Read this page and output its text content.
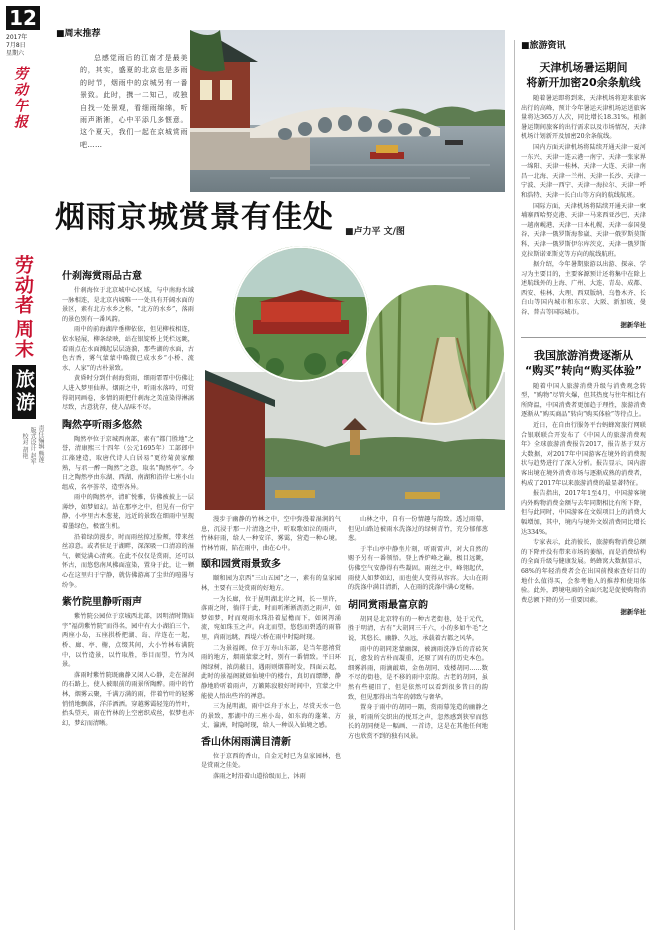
12
2017年
7月8日
星期六
劳动午报
劳动者
周末
旅游
责任编辑 熊莲
版式设计 赵军
校对 胡艳
■周末推荐
总感觉雨后的江南才是最美的，其实，盛夏的北京也是多雨的时节，烟雨中的京城另有一番景致。此时，携一二知己，或独自找一处景观，看细雨绵绵，听雨声淅淅，心中平添几多惬意。这个夏天，我们一起在京城赏雨吧……
烟雨京城赏景有佳处 ■卢力平 文/图
什刹海赏雨品古意

什刹海位于北京城中心区域，与中南海水域一脉相连，是北京内城唯一一处具有开阔水面的景区，素有北方水乡之称，“北方的水乡”，落雨的景色别有一番风韵。

雨中的前海湖岸垂柳依依，但见柳枝相连，依水轻展，柳条绿映，站在银锭桥上凭栏远眺，看雨点在水面溅起层层涟漪，那些湖的水面，古色古香，雾气蒙蒙中略微已成水乡“小桥、流水、人家”的古朴景致。

黄昏时分到什刹海赏雨，细雨霏霏中仿佛让人进入梦里仙界。烟雨之中，听雨水落吟，可赏得胡同画卷，多情的雨把什刹海之美渲染得淋漓尽致，古意犹存，使人品味不尽。

陶然亭听雨多悠然

陶然亭位于京城西南部，素有“都门胜地”之誉，清康熙三十四年（公元1695年）工部郎中江藻建造，取唐代诗人白居易“更待菊黄家酿熟，与君一醉一陶然”之意，取名“陶然亭”。今日之陶然亭由东湖、西湖、南湖和沿岸七座小山组成，名亭荟萃，造型各异。

雨中的陶然亭，清旷悦雅，仿佛被披上一层薄纱，如梦如幻。站在那亭之中，但见有一份宁静，小亭里古木葱茏，远近的景致在细雨中呈现着墨绿色，极富生机。

沿着绿荫漫步，时而雨丝掠过脸颊，带来丝丝凉意。或者驻足于湖畔，深深吸一口清凉的湿气，顿觉满心清爽。在此不仅仅是赏雨，还可以怀古，而悠悠南风拂面渲染，置身于此，让一颗心在这里归于宁静，就仿佛游离了尘世的喧嚣与纷争。

紫竹院里静听雨声

紫竹院公园位于京城西北部，因明清时期庙宇“福荫紫竹院”而得名，园中有大小湖泊三个，两座小岛，五座拱桥把湖、岛、岸连在一起，桥、廊、亭、榭，点缀其间，大小竹林布满院中，以竹造景，以竹取胜，举目而望，竹为风景。

落雨时紫竹院既幽静又闲人心静，走在湿润的石路上，使人被眼前的雨景所陶醉。雨中的竹林，烟雾云聚，千满万满的雨，伴着竹叶的轻雾悄悄地飘落，洋洋洒洒。穿越雾霭轻笼的竹叶，抬头望天，雨在竹林的上空密织成丝，似梦也亦幻，梦幻而清晰。

漫步于幽静的竹林之中，空中弥漫着湿润的气息，沉浸于那一片清逸之中，听取歌如泣的雨声，竹林轩雨，给人一种安详、雾霭，营造一种心境。竹林竹雨，陷在雨中，曲在心中。

颐和园赏雨景致多

颐和园为京西“三山五园”之一，素有的皇家园林，主要有三处赏雨的好地方。

一为长廊，位于昆明湖北岸之间，长一里许，落雨之时，徜徉于此，时而听淅淅沥沥之雨声，如梦如梦，时而观雨水珠沿着屋檐而下，如闲泻涌流，宛如珠玉之声。向北而望，悠悠而碧透的雨幕里，尚雨远眺，西堤六桥在雨中时隐时现。

二为景福阁，位于万寿山东部，是当年慈禧赏雨的地方，烟雨蒙蒙之时，别有一番情致。平日环阁绿树，浓荫蔽日，遇雨则烟幕时发，四面云起，此时的景福阁就如仙境中的楼台，真切而缥缈，静静地聆听着雨声，万籁陈寂般好时间中，宜蒙之中能使人悟出些许的禅意。

三为昆明湖，雨中泛舟于水上，尽赏天水一色的景致，那湖中的三座小岛，如东海的蓬莱、方丈、瀛洲，时隐时现，给人一种误入仙境之感。

香山休闲雨满目清新

位于京西的香山，自金元时已为皇家园林，也是赏雨之佳处。

落雨之时沿着山道拾级而上，沐雨

山林之中，自有一份情趣与韵致。透过雨幕，但见山路边被雨水洗涤过的绿树青竹，充分郁郁葱葱。

于半山亭中静坐片刻，听雨雷声，对大自然的赐予另有一番领悟。登上香炉峰之巅，极目远眺，仿佛空气安静得有些凝固。雨丝之中，峰翎起伏，雨使人如梦如幻，而也使人变得从容容。大山在雨的洗涤中满目清新，人在雨的洗涤中满心宽畅。

胡同赏雨最富京韵

胡同是北京特有的一种古老街巷，处于元代，胜于明清，古有“大胡同三千六，小的多如牛毛”之说，其悠长、幽静、久远，承载着古都之风华。

雨中的胡同迷蒙幽深，被滴雨洗净后的青砖灰瓦，愈发的古朴而凝重，还原了固有的历史本色。细雾斜雨，雨滴敲墙，金鱼胡同、戏楼胡同……数不尽的街巷，是不移的雨中京韵。古老的胡同，虽然有些褪旧了，但是依然可以看到很多昔日的韵致，但见那得出当年的韩致与奢华。

置身于雨中的胡同一隅，赏雨幕笼造的幽静之景，听雨所交织出的悦耳之声，忽然感到狭窄而悠长的胡同便是一幅画、一首诗，这是在其他任何地方也欣赏不到的独有风景。

■旅游资讯
天津机场暑运期间
将新开加密20余条航线

随着暑运即将到来，天津机场将迎来旅客出行的高峰，预计今年暑运天津机场运送旅客量将达365万人次，同比增长18.31%。根据暑运期间旅客的出行需求以及市场情况，天津机场计划新开及加密20余条航线。

国内方面天津机场将陆续开通天津一夏河一东兴、天津一连云港一南宁、天津一张家界一绵阳、天津一桂林、天津一大连、天津一南昌一北海、天津一兰州、天津一长沙、天津一宁波、天津一西宁、天津一海拉尔、天津一呼和浩特、天津一长白山等方向的航线航班。

国际方面，天津机场将陆续开通天津一柬埔寨西哈努克港、天津一马来西亚沙巴、天津一越南岘港、天津一日本札幌、天津一泰国曼谷、天津一俄罗斯海参崴、天津一俄罗斯莫斯科、天津一俄罗斯伊尔库茨克、天津一俄罗斯克拉斯诺亚斯克等方向的航线航班。

据介绍，今年暑期旅游以出游、探亲、学习为主要目的，主要客源预计还将集中在除上述航线外的上海、广州、大连、青岛、成都、西安、桂林、大理、西双版纳、乌鲁木齐、长白山等国内城市和东京、大阪、新加坡、曼谷、普吉等国际城市。

据新华社
我国旅游消费逐渐从
“购买”转向“购买体验”

随着中国人旅游消费升级与消费观念转型，“购物”尽管火爆，但其热度与往年相比有所降温，中国消费者更加趋于理性，旅游消费逐渐从“购买商品”转向“购买体验”等待点上。

近日，在自由行服务平台蚂蜂窝旅行网联合银联联合开发布了《中国人的旅游消费观年》全球旅游消费报告2017，报告基于双方大数据，对2017年中国游客在境外的消费现状与趋势进行了深入分析。报告显示，国内游客出境在境外消费市场与逐渐成熟的消费者，构成了2017年以来旅游消费的最显著特征。

报告指出，2017年1至4月，中国游客境内外购物消费金额与去年同期相比有所下降，但与此同时，中国游客在文娱项目上的消费大幅增加，其中，境内与境外文娱消费同比增长达334%。

专家表示，此消彼长，旅游购物消费总额的下降并没有带来市场的萎缩，而是消费结构的全面升级与健康发展。蚂蜂窝大数据显示，68%的年轻消费者会在出国前搜索查好目的地什么值得买，会参考他人的推荐和使用体验。此外，跨境电商的全面兴起是促使购物消费总额下降的另一重要因素。

据新华社
